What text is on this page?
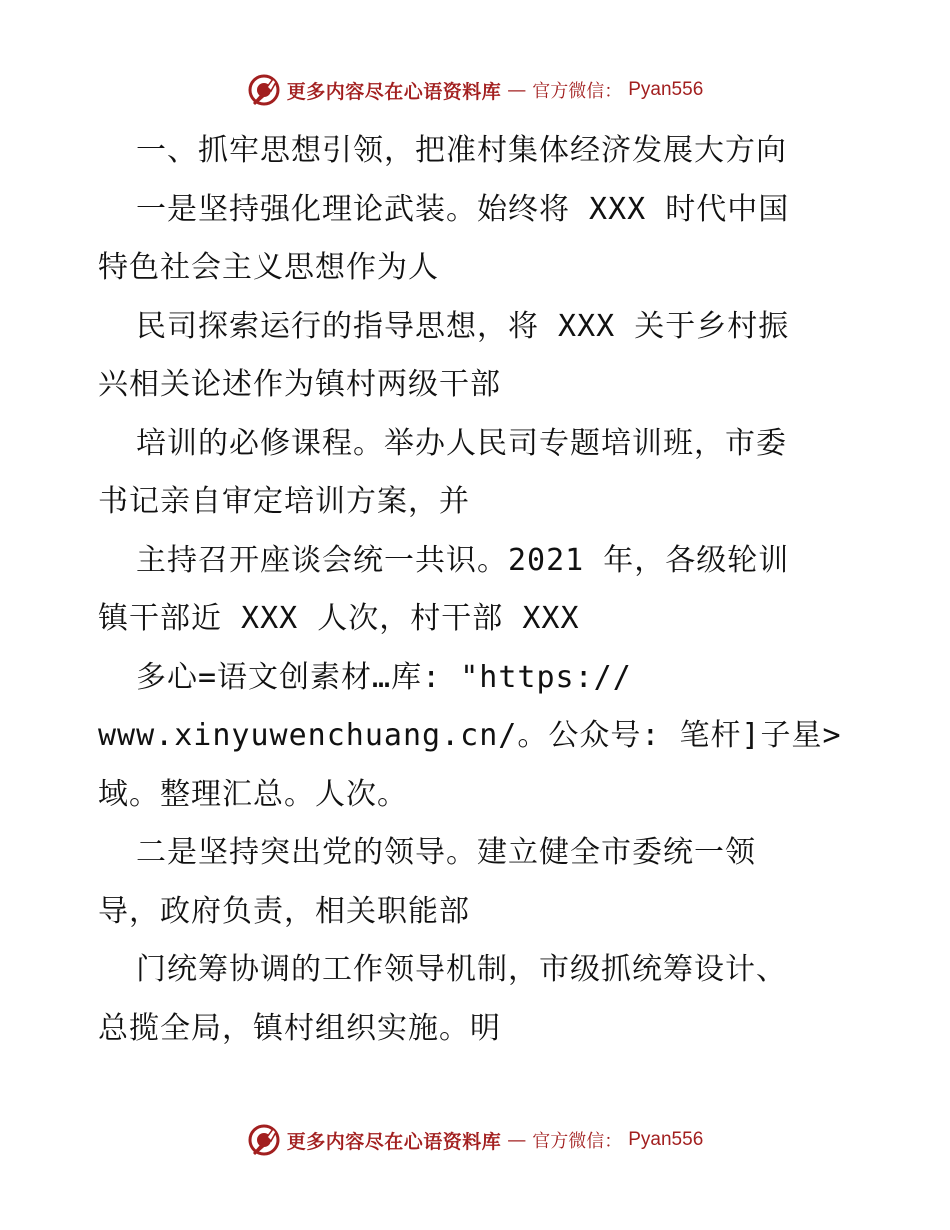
更多内容尽在心语资料库 — 官方微信： Pyan556
一、抓牢思想引领，把准村集体经济发展大方向
一是坚持强化理论武装。始终将 XXX 时代中国
特色社会主义思想作为人
民司探索运行的指导思想，将 XXX 关于乡村振
兴相关论述作为镇村两级干部
培训的必修课程。举办人民司专题培训班，市委
书记亲自审定培训方案，并
主持召开座谈会统一共识。2021 年，各级轮训
镇干部近 XXX 人次，村干部 XXX
多心=语文创素材…库: "https://
www.xinyuwenchuang.cn/。公众号: 笔杆]子星>
域。整理汇总。人次。
二是坚持突出党的领导。建立健全市委统一领
导，政府负责，相关职能部
门统筹协调的工作领导机制，市级抓统筹设计、
总揽全局，镇村组织实施。明
更多内容尽在心语资料库 — 官方微信： Pyan556
